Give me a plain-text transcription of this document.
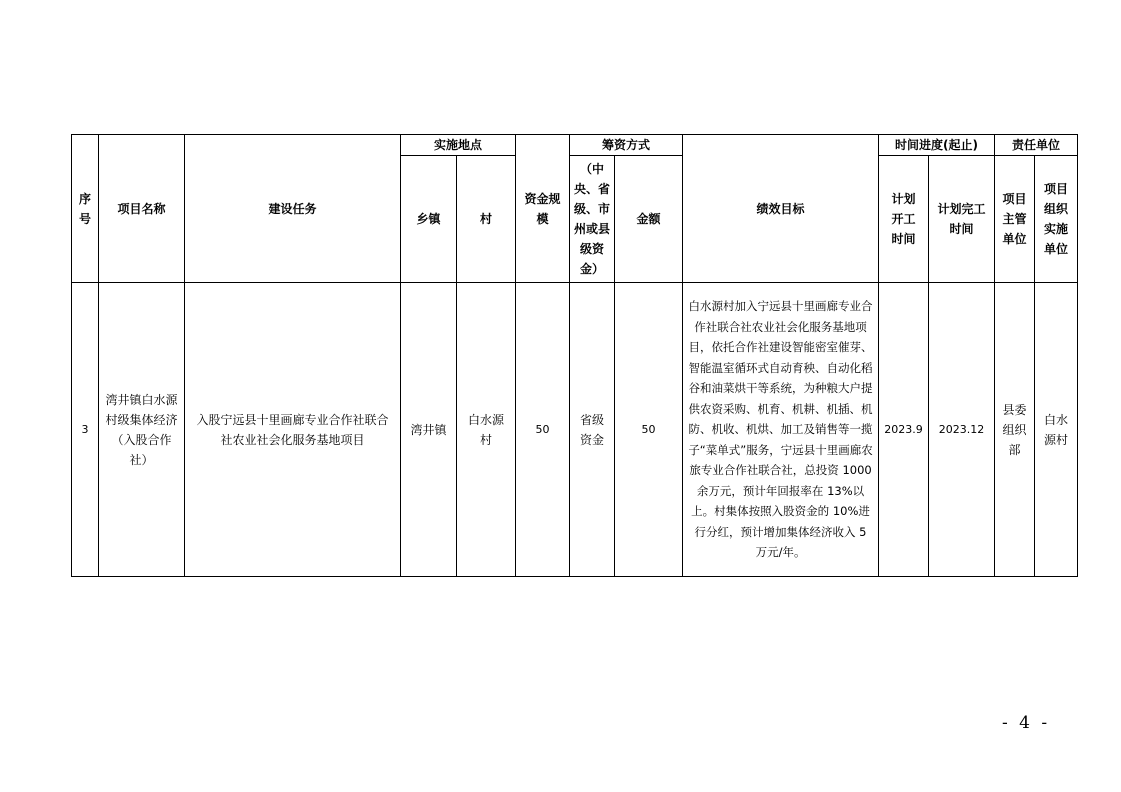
序号	项目名称	建设任务	实施地点		资金规模	筹资方式		绩效目标	时间进度(起止)		责任单位	
			乡镇	村		（中央、省级、市州或县级资金）	金额		计划开工时间	计划完工时间	项目主管单位	项目组织实施单位
3	湾井镇白水源村级集体经济（入股合作社）	入股宁远县十里画廊专业合作社联合社农业社会化服务基地项目	湾井镇	白水源村	50	省级资金	50	白水源村加入宁远县十里画廊专业合作社联合社农业社会化服务基地项目，依托合作社建设智能密室催芽、智能温室循环式自动育秧、自动化稻谷和油菜烘干等系统，为种粮大户提供农资采购、机育、机耕、机插、机防、机收、机烘、加工及销售等一揽子“菜单式”服务，宁远县十里画廊农旅专业合作社联合社，总投资 1000 余万元，预计年回报率在 13%以上。村集体按照入股资金的 10%进行分红，预计增加集体经济收入 5 万元/年。	2023.9	2023.12	县委组织部	白水源村
- 4 -
